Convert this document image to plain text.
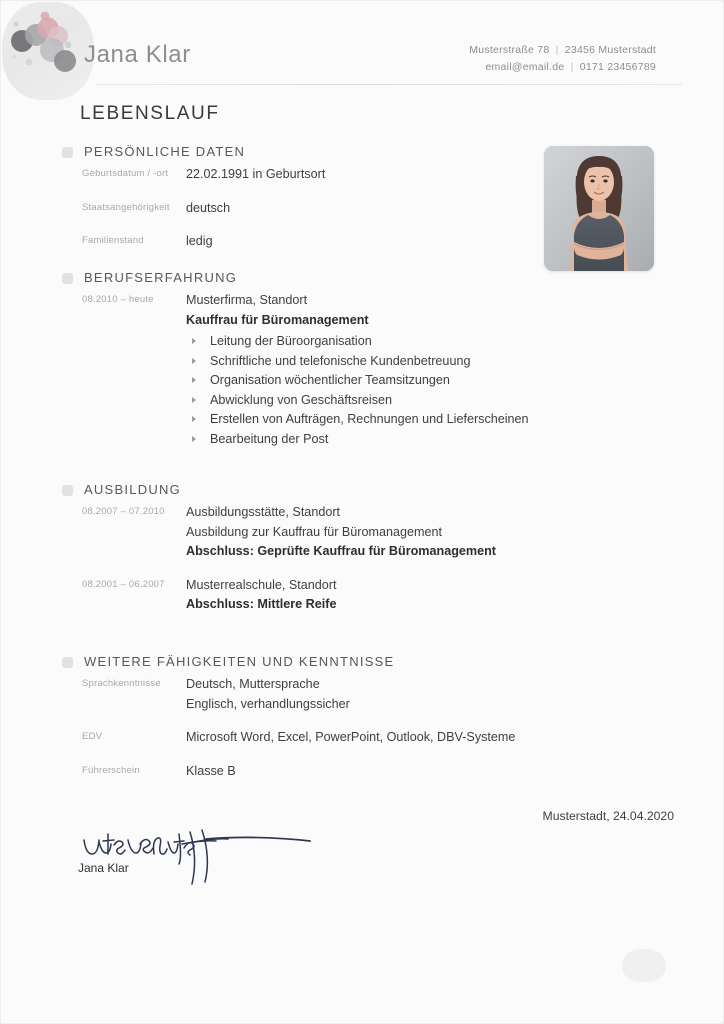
Jana Klar	Musterstraße 78 | 23456 Musterstadt
email@email.de | 0171 23456789
LEBENSLAUF
PERSÖNLICHE DATEN
Geburtsdatum / -ort	22.02.1991 in Geburtsort
Staatsangehörigkeit	deutsch
Familienstand	ledig
BERUFSERFAHRUNG
08.2010 – heute	Musterfirma, Standort
Kauffrau für Büromanagement
Leitung der Büroorganisation
Schriftliche und telefonische Kundenbetreuung
Organisation wöchentlicher Teamsitzungen
Abwicklung von Geschäftsreisen
Erstellen von Aufträgen, Rechnungen und Lieferscheinen
Bearbeitung der Post
AUSBILDUNG
08.2007 – 07.2010	Ausbildungsstätte, Standort
Ausbildung zur Kauffrau für Büromanagement
Abschluss: Geprüfte Kauffrau für Büromanagement
08.2001 – 06.2007	Musterrealschule, Standort
Abschluss: Mittlere Reife
WEITERE FÄHIGKEITEN UND KENNTNISSE
Sprachkenntnisse	Deutsch, Muttersprache
Englisch, verhandlungssicher
EDV	Microsoft Word, Excel, PowerPoint, Outlook, DBV-Systeme
Führerschein	Klasse B
Musterstadt, 24.04.2020
Jana Klar
